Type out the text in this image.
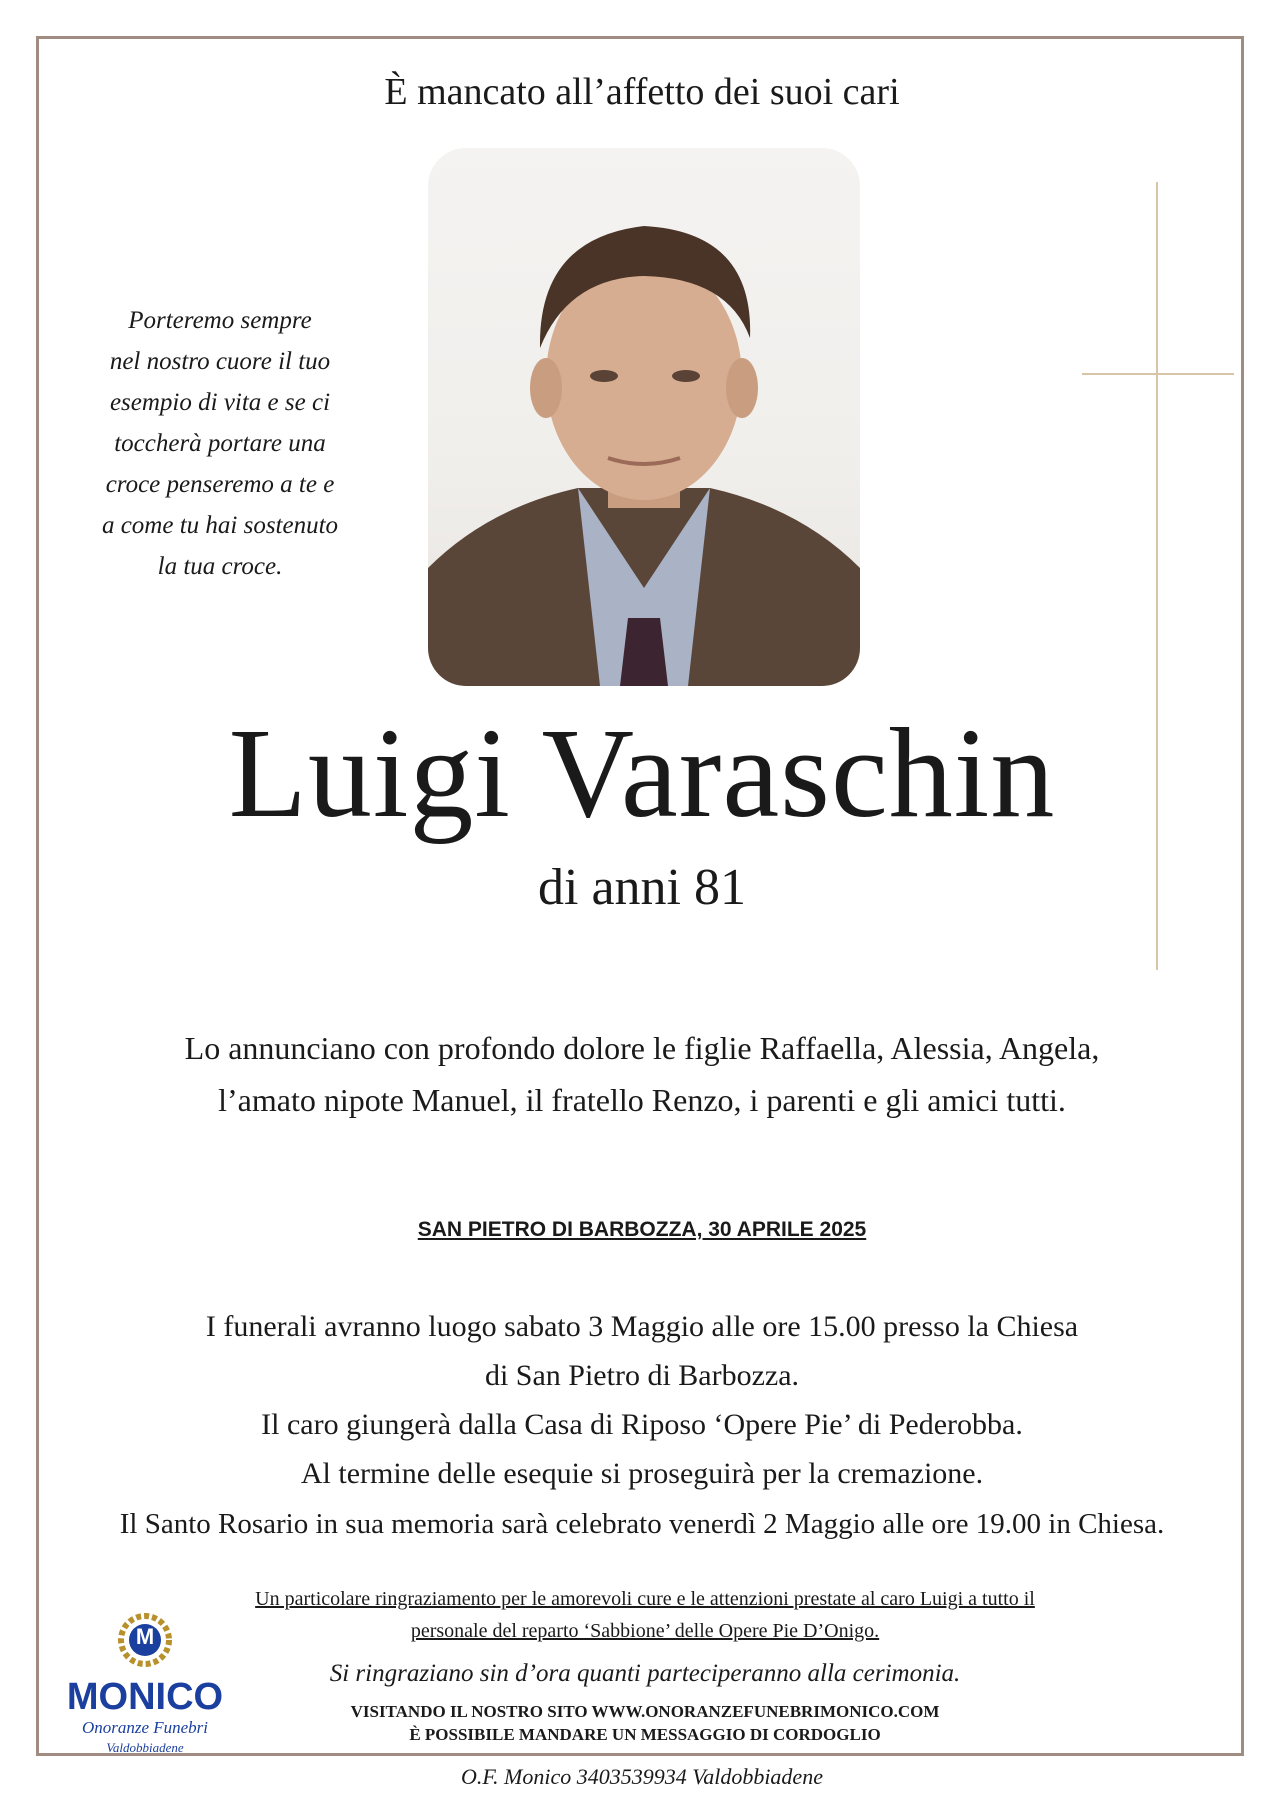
È mancato all’affetto dei suoi cari
Porteremo sempre
nel nostro cuore il tuo
esempio di vita e se ci
toccherà portare una
croce penseremo a te e
a come tu hai sostenuto
la tua croce.
Luigi Varaschin
di anni 81
Lo annunciano con profondo dolore le figlie Raffaella, Alessia, Angela,
l’amato nipote Manuel, il fratello Renzo, i parenti e gli amici tutti.
SAN PIETRO DI BARBOZZA, 30 APRILE 2025
I funerali avranno luogo sabato 3 Maggio alle ore 15.00 presso la Chiesa
di San Pietro di Barbozza.
Il caro giungerà dalla Casa di Riposo ‘Opere Pie’ di Pederobba.
Al termine delle esequie si proseguirà per la cremazione.
Il Santo Rosario in sua memoria sarà celebrato venerdì 2 Maggio alle ore 19.00 in Chiesa.
Un particolare ringraziamento per le amorevoli cure e le attenzioni prestate al caro Luigi a tutto il
personale del reparto ‘Sabbione’ delle Opere Pie D’Onigo.
Si ringraziano sin d’ora quanti parteciperanno alla cerimonia.
VISITANDO IL NOSTRO SITO WWW.ONORANZEFUNEBRIMONICO.COM
È POSSIBILE MANDARE UN MESSAGGIO DI CORDOGLIO
M
MONICO
Onoranze Funebri
Valdobbiadene
O.F. Monico 3403539934 Valdobbiadene
